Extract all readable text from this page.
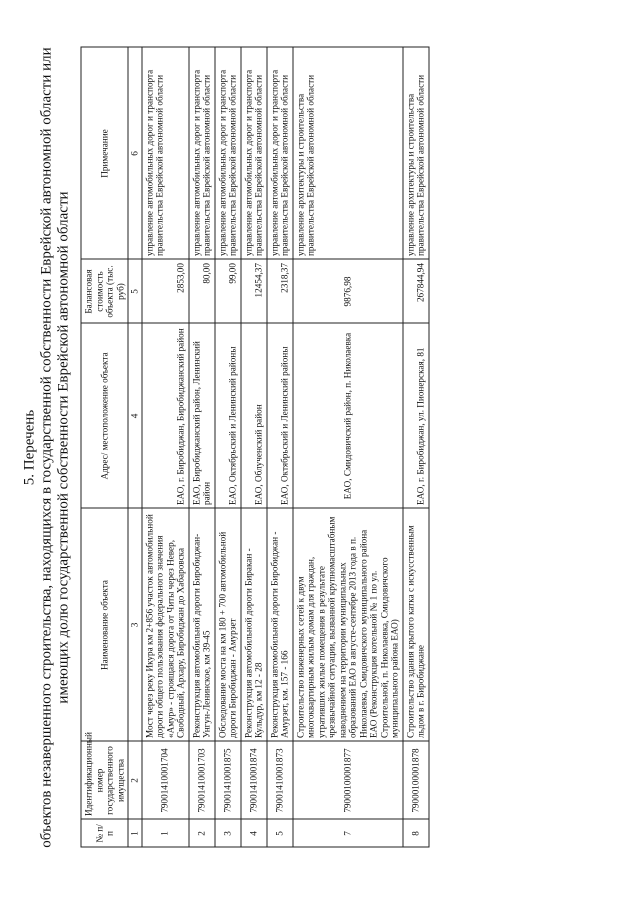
5. Перечень объектов незавершенного строительства, находящихся в государственной собственности Еврейской автономной области или имеющих долю государственной собственности Еврейской автономной области

№ п/п	Идентификационный номер государственного имущества	Наименование объекта	Адрес/ местоположение объекта	Балансовая стоимость объекта (тыс. руб)	Примечание
1	2	3	4	5	6
1	79001410001704	Мост через реку Икура км 2+856 участок автомобильной дороги общего пользования федерального значения «Амур» - строящаяся дорога от Читы через Невер, Свободный, Архару, Биробиджан до Хабаровска	ЕАО, г. Биробиджан, Биробиджанский район	2853,00	управление автомобильных дорог и транспорта правительства Еврейской автономной области
2	79001410001703	Реконструкция автомобильной дороги Биробиджан-Унгун-Ленинское, км 39-45	ЕАО, Биробиджанский район, Ленинский район	80,00	управление автомобильных дорог и транспорта правительства Еврейской автономной области
3	79001410001875	Обследование моста на км 180 + 700 автомобильной дороги Биробиджан - Амурзет	ЕАО, Октябрьский и Ленинский районы	99,00	управление автомобильных дорог и транспорта правительства Еврейской автономной области
4	79001410001874	Реконструкция автомобильной дороги Биракан - Кульдур, км 12 - 28	ЕАО, Облученский район	12454,37	управление автомобильных дорог и транспорта правительства Еврейской автономной области
5	79001410001873	Реконструкция автомобильной дороги Биробиджан - Амурзет, км. 157 - 166	ЕАО, Октябрьский и Ленинский районы	2318,37	управление автомобильных дорог и транспорта правительства Еврейской автономной области
7	79000100001877	Строительство инженерных сетей к двум многоквартирным жилым домам для граждан, утративших жилые помещения в результате чрезвычайной ситуации, вызванной крупномасштабным наводнением на территории муниципальных образований ЕАО в августе-сентябре 2013 года в п. Николаевка, Смидовичского муниципального района ЕАО (Реконструкция котельной № 1 по ул. Строительной, п. Николаевка, Смидовичского муниципального района ЕАО)	ЕАО, Смидовичский район, п. Николаевка	9876,98	управление архитектуры и строительства правительства Еврейской автономной области
8	79000100001878	Строительство здания крытого катка с искусственным льдом в г. Биробиджане	ЕАО, г. Биробиджан, ул. Пионерская, 81	267844,94	управление архитектуры и строительства правительства Еврейской автономной области
